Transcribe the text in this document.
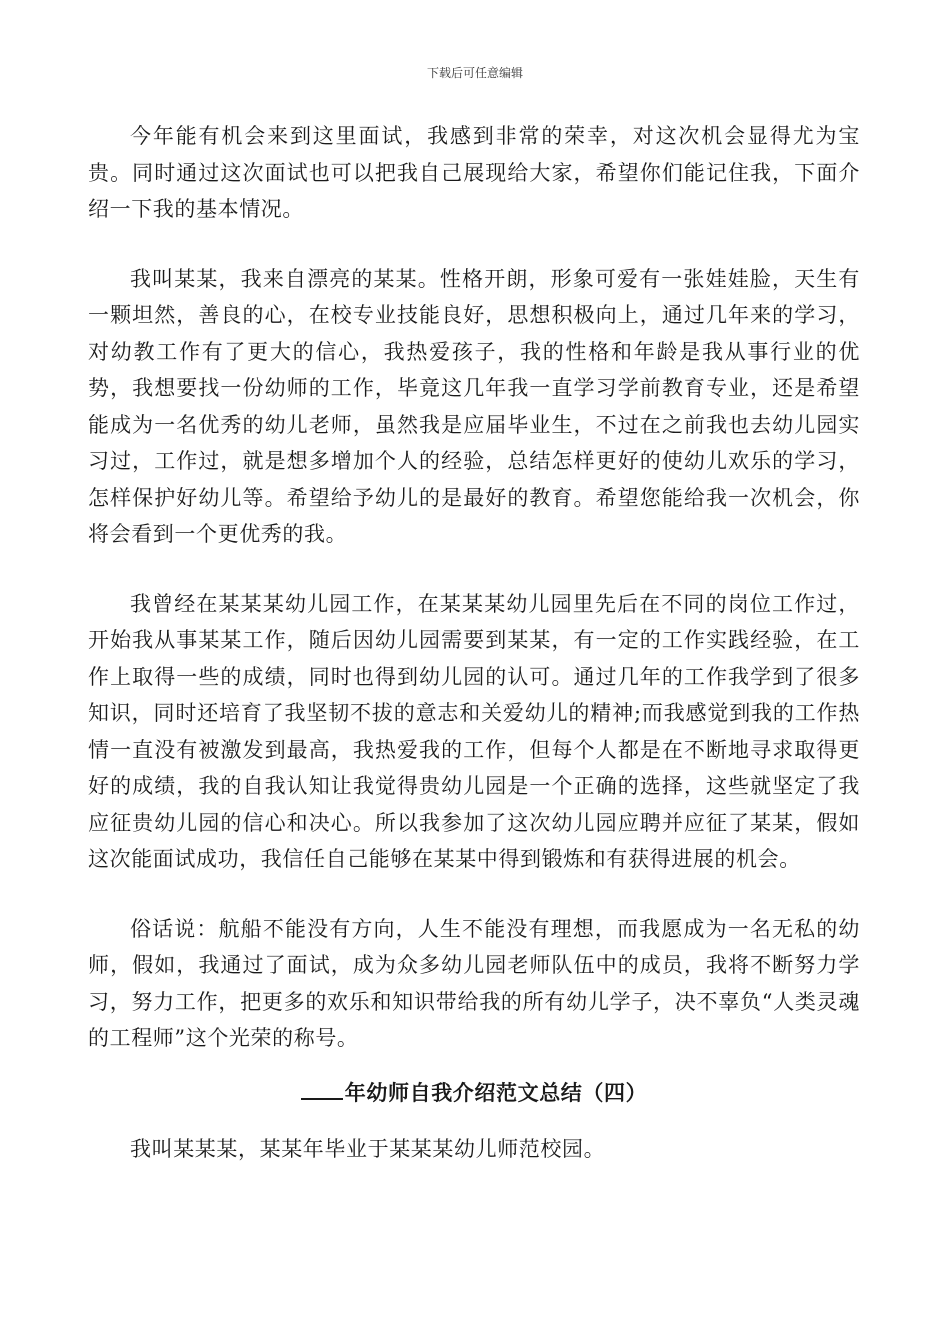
下载后可任意编辑

今年能有机会来到这里面试，我感到非常的荣幸，对这次机会显得尤为宝贵。同时通过这次面试也可以把我自己展现给大家，希望你们能记住我，下面介绍一下我的基本情况。

我叫某某，我来自漂亮的某某。性格开朗，形象可爱有一张娃娃脸，天生有一颗坦然，善良的心，在校专业技能良好，思想积极向上，通过几年来的学习，对幼教工作有了更大的信心，我热爱孩子，我的性格和年龄是我从事行业的优势，我想要找一份幼师的工作，毕竟这几年我一直学习学前教育专业，还是希望能成为一名优秀的幼儿老师，虽然我是应届毕业生，不过在之前我也去幼儿园实习过，工作过，就是想多增加个人的经验，总结怎样更好的使幼儿欢乐的学习，怎样保护好幼儿等。希望给予幼儿的是最好的教育。希望您能给我一次机会，你将会看到一个更优秀的我。

我曾经在某某某幼儿园工作，在某某某幼儿园里先后在不同的岗位工作过，开始我从事某某工作，随后因幼儿园需要到某某，有一定的工作实践经验，在工作上取得一些的成绩，同时也得到幼儿园的认可。通过几年的工作我学到了很多知识，同时还培育了我坚韧不拔的意志和关爱幼儿的精神;而我感觉到我的工作热情一直没有被激发到最高，我热爱我的工作，但每个人都是在不断地寻求取得更好的成绩，我的自我认知让我觉得贵幼儿园是一个正确的选择，这些就坚定了我应征贵幼儿园的信心和决心。所以我参加了这次幼儿园应聘并应征了某某，假如这次能面试成功，我信任自己能够在某某中得到锻炼和有获得进展的机会。

俗话说：航船不能没有方向，人生不能没有理想，而我愿成为一名无私的幼师，假如，我通过了面试，成为众多幼儿园老师队伍中的成员，我将不断努力学习，努力工作，把更多的欢乐和知识带给我的所有幼儿学子，决不辜负“人类灵魂的工程师”这个光荣的称号。

年幼师自我介绍范文总结（四）

我叫某某某，某某年毕业于某某某幼儿师范校园。
